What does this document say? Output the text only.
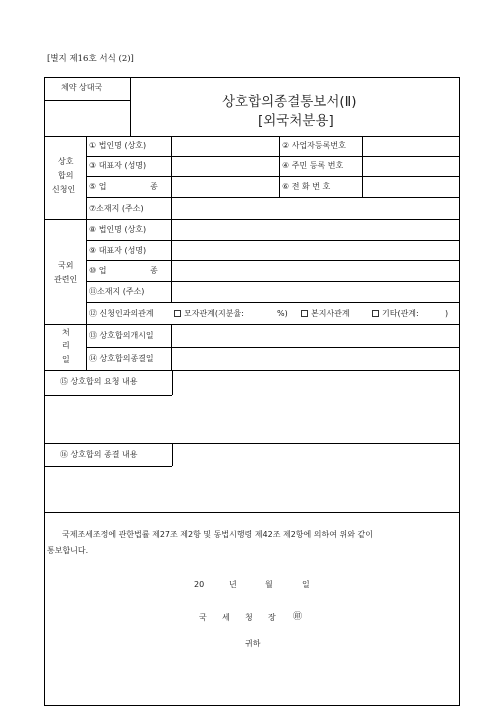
[별지 제16호 서식 (2)]
체약 상대국
상호합의종결통보서(Ⅱ)
[외국처분용]
상호
합의
신청인
① 법인명 (상호)	② 사업자등록번호
③ 대표자 (성명)	④ 주민 등록 번호
⑤ 업	종	⑥ 전 화 번 호
⑦소재지 (주소)
국외
관련인
⑧ 법인명 (상호)
⑨ 대표자 (성명)
⑩ 업	종
⑪소재지 (주소)
⑫ 신청인과의관계	모자관계(지분율:	%)	본지사관계	기타(관계:	)
처
리
일
⑬ 상호합의개시일
⑭ 상호합의종결일
⑮ 상호합의 요청 내용
⑯ 상호합의 종결 내용
국제조세조정에 관한법률 제27조 제2항 및 동법시행령 제42조 제2항에 의하여 위와 같이
통보합니다.
20	년	월	일
국 세 청 장 ㊞
귀하
